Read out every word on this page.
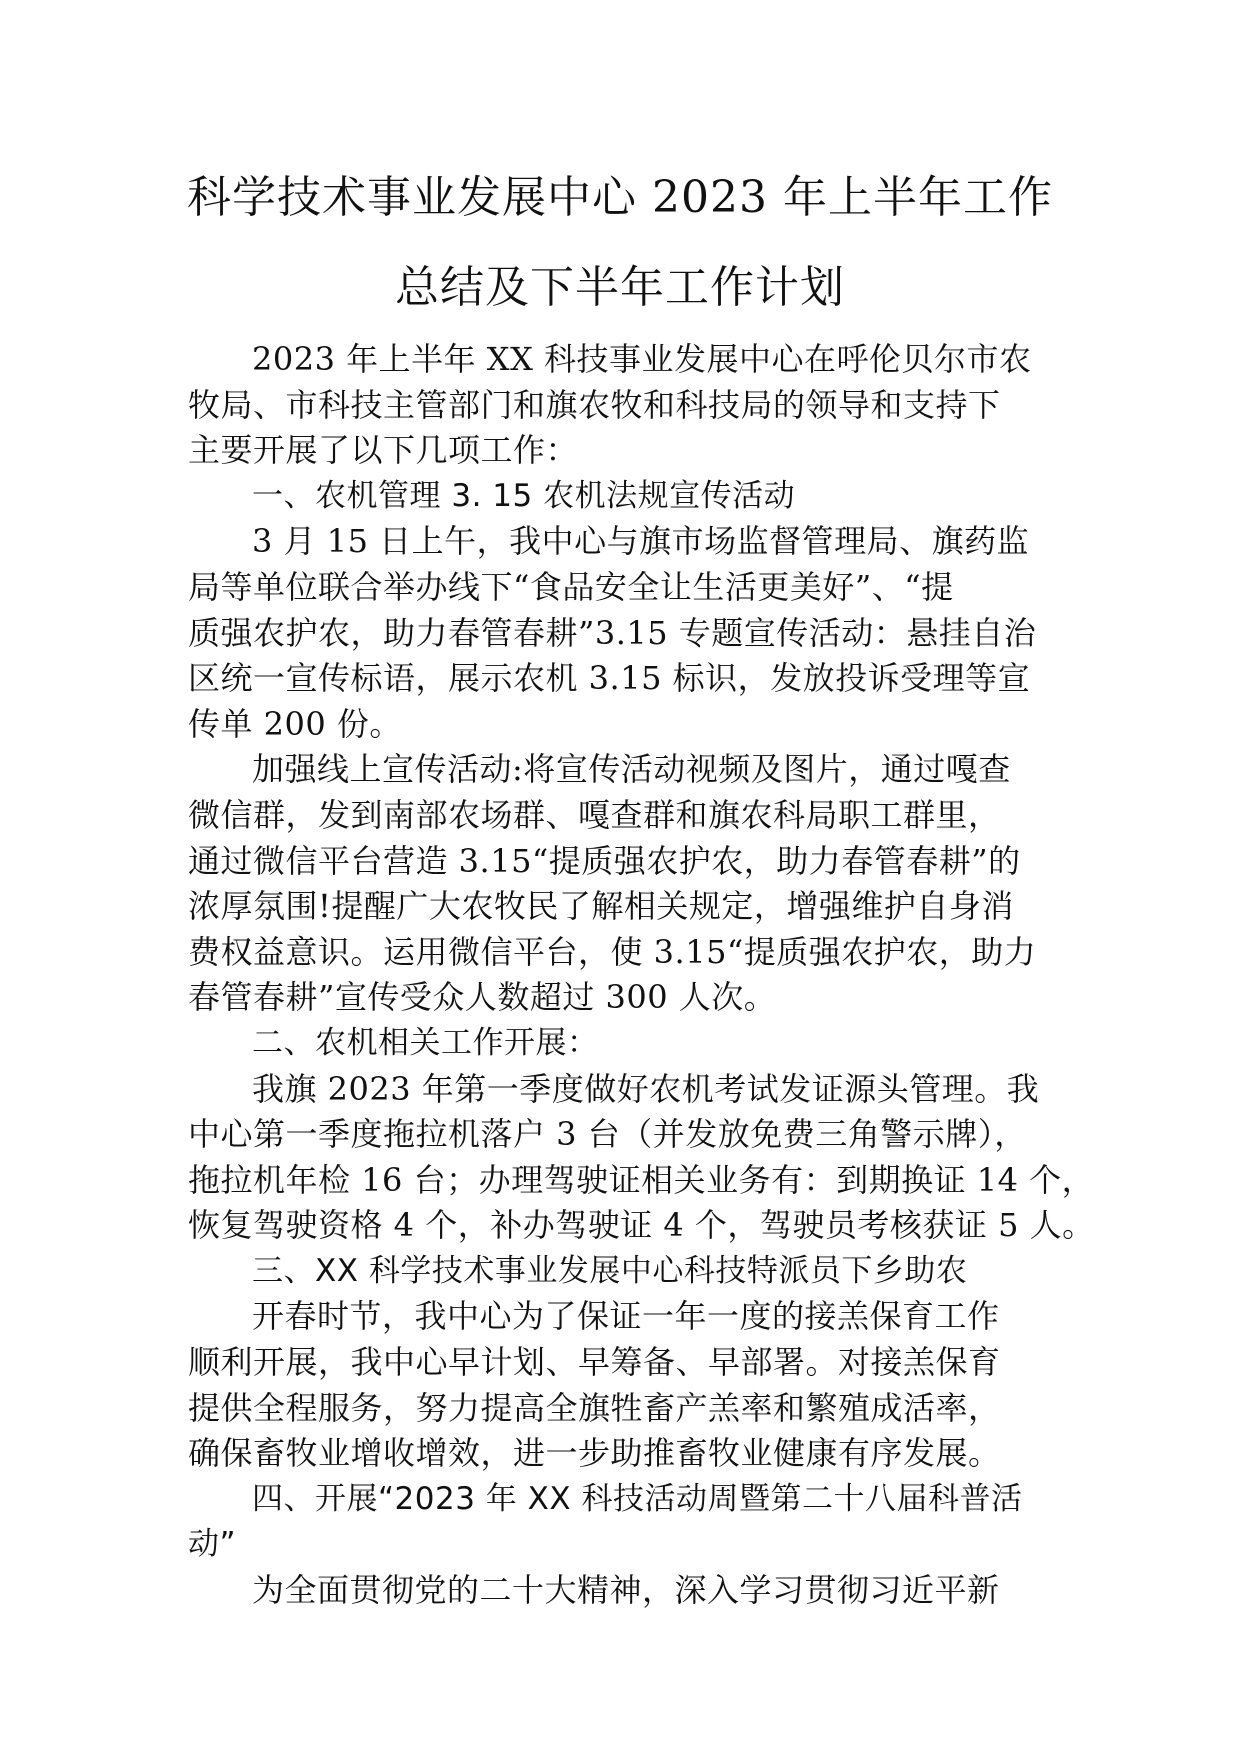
科学技术事业发展中心 2023 年上半年工作
总结及下半年工作计划
2023 年上半年 XX 科技事业发展中心在呼伦贝尔市农
牧局、市科技主管部门和旗农牧和科技局的领导和支持下
主要开展了以下几项工作：
一、农机管理 3. 15 农机法规宣传活动
3 月 15 日上午，我中心与旗市场监督管理局、旗药监
局等单位联合举办线下“食品安全让生活更美好”、“提
质强农护农，助力春管春耕”3.15 专题宣传活动：悬挂自治
区统一宣传标语，展示农机 3.15 标识，发放投诉受理等宣
传单 200 份。
加强线上宣传活动:将宣传活动视频及图片，通过嘎查
微信群，发到南部农场群、嘎查群和旗农科局职工群里，
通过微信平台营造 3.15“提质强农护农，助力春管春耕”的
浓厚氛围!提醒广大农牧民了解相关规定，增强维护自身消
费权益意识。运用微信平台，使 3.15“提质强农护农，助力
春管春耕”宣传受众人数超过 300 人次。
二、农机相关工作开展：
我旗 2023 年第一季度做好农机考试发证源头管理。我
中心第一季度拖拉机落户 3 台（并发放免费三角警示牌），
拖拉机年检 16 台；办理驾驶证相关业务有：到期换证 14 个，
恢复驾驶资格 4 个，补办驾驶证 4 个，驾驶员考核获证 5 人。
三、XX 科学技术事业发展中心科技特派员下乡助农
开春时节，我中心为了保证一年一度的接羔保育工作
顺利开展，我中心早计划、早筹备、早部署。对接羔保育
提供全程服务，努力提高全旗牲畜产羔率和繁殖成活率，
确保畜牧业增收增效，进一步助推畜牧业健康有序发展。
四、开展“2023 年 XX 科技活动周暨第二十八届科普活
动”
为全面贯彻党的二十大精神，深入学习贯彻习近平新
